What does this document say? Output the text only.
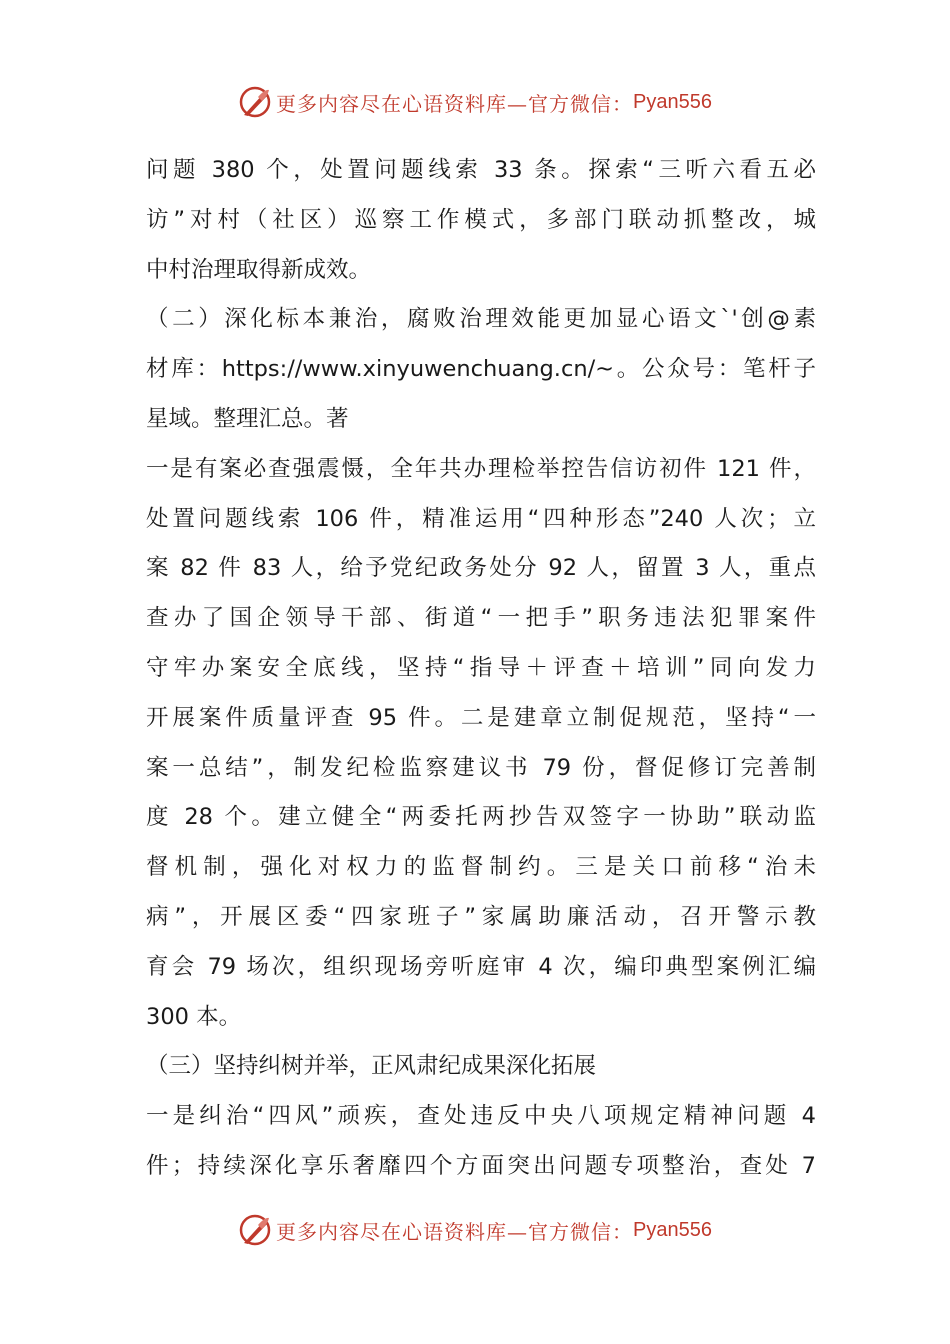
更多内容尽在心语资料库—官方微信： Pyan556
问题 380 个，处置问题线索 33 条。探索“三听六看五必
访”对村（社区）巡察工作模式，多部门联动抓整改，城
中村治理取得新成效。
（二）深化标本兼治，腐败治理效能更加显心语文`'创@素
材库：https://www.xinyuwenchuang.cn/~。公众号：笔杆子
星域。整理汇总。著
一是有案必查强震慑，全年共办理检举控告信访初件 121 件，
处置问题线索 106 件，精准运用“四种形态”240 人次；立
案 82 件 83 人，给予党纪政务处分 92 人，留置 3 人，重点
查办了国企领导干部、街道“一把手”职务违法犯罪案件
守牢办案安全底线，坚持“指导＋评查＋培训”同向发力
开展案件质量评查 95 件。二是建章立制促规范，坚持“一
案一总结”，制发纪检监察建议书 79 份，督促修订完善制
度 28 个。建立健全“两委托两抄告双签字一协助”联动监
督机制，强化对权力的监督制约。三是关口前移“治未
病”，开展区委“四家班子”家属助廉活动，召开警示教
育会 79 场次，组织现场旁听庭审 4 次，编印典型案例汇编
300 本。
（三）坚持纠树并举，正风肃纪成果深化拓展
一是纠治“四风”顽疾，查处违反中央八项规定精神问题 4
件；持续深化享乐奢靡四个方面突出问题专项整治，查处 7
更多内容尽在心语资料库—官方微信： Pyan556
